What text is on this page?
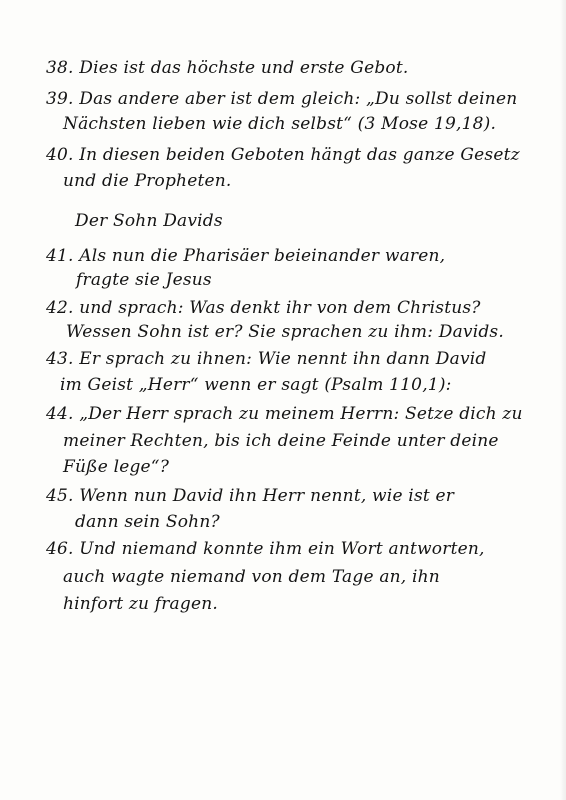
38. Dies ist das höchste und erste Gebot.
39. Das andere aber ist dem gleich: „Du sollst deinen
Nächsten lieben wie dich selbst“ (3 Mose 19,18).
40. In diesen beiden Geboten hängt das ganze Gesetz
und die Propheten.
Der Sohn Davids
41. Als nun die Pharisäer beieinander waren,
fragte sie Jesus
42. und sprach: Was denkt ihr von dem Christus?
Wessen Sohn ist er? Sie sprachen zu ihm: Davids.
43. Er sprach zu ihnen: Wie nennt ihn dann David
im Geist „Herr“ wenn er sagt (Psalm 110,1):
44. „Der Herr sprach zu meinem Herrn: Setze dich zu
meiner Rechten, bis ich deine Feinde unter deine
Füße lege“?
45. Wenn nun David ihn Herr nennt, wie ist er
dann sein Sohn?
46. Und niemand konnte ihm ein Wort antworten,
auch wagte niemand von dem Tage an, ihn
hinfort zu fragen.
